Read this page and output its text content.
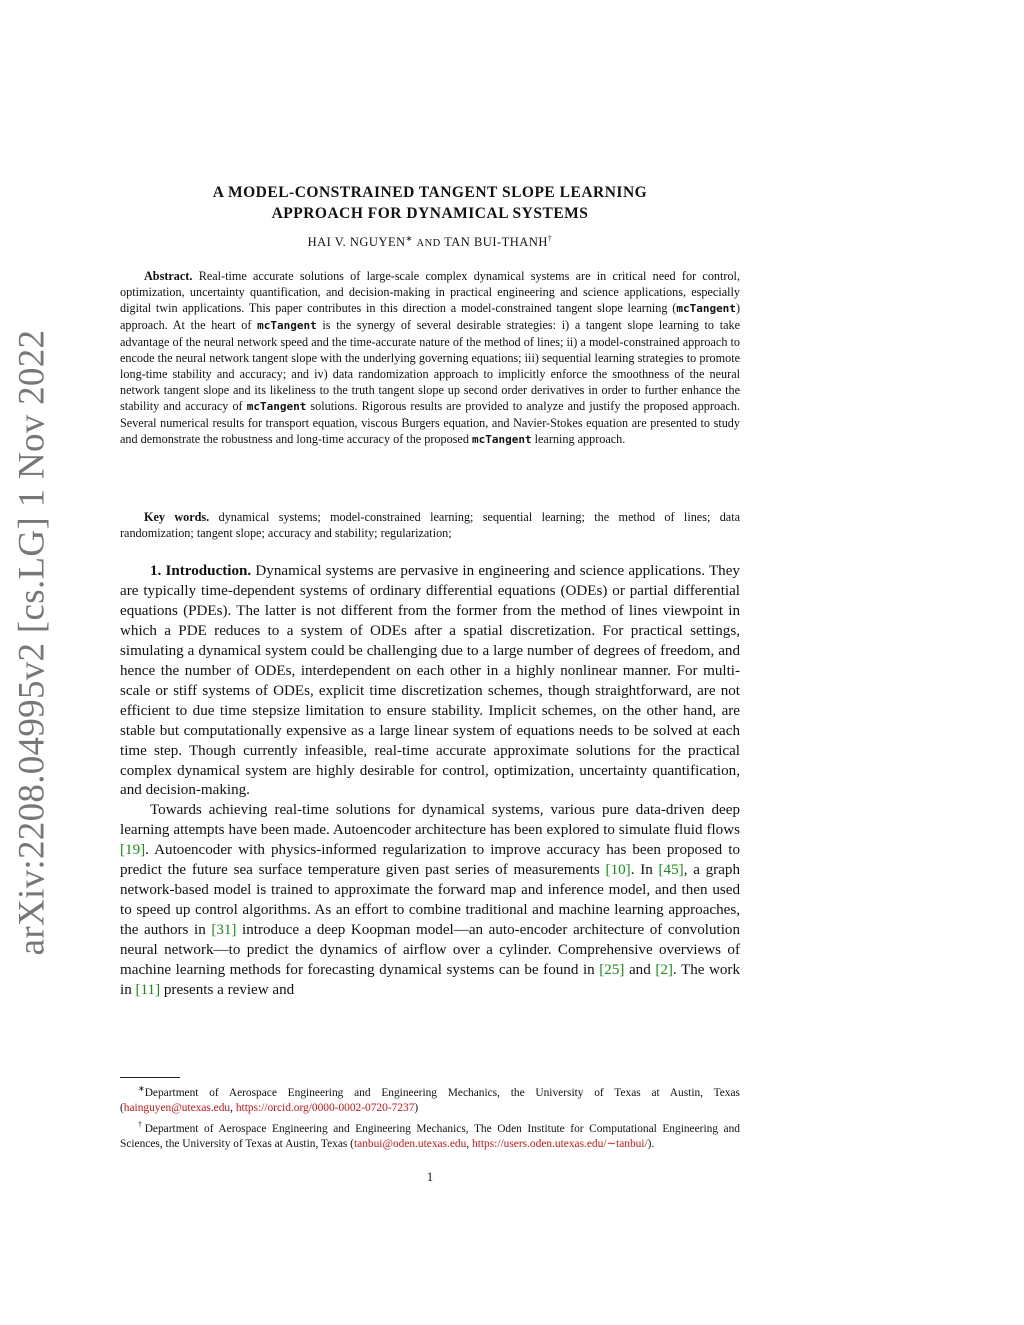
arXiv:2208.04995v2 [cs.LG] 1 Nov 2022
A MODEL-CONSTRAINED TANGENT SLOPE LEARNING
APPROACH FOR DYNAMICAL SYSTEMS
HAI V. NGUYEN∗ AND TAN BUI-THANH†

Abstract. Real-time accurate solutions of large-scale complex dynamical systems are in critical need for control, optimization, uncertainty quantification, and decision-making in practical engineering and science applications, especially digital twin applications. This paper contributes in this direction a model-constrained tangent slope learning (mcTangent) approach. At the heart of mcTangent is the synergy of several desirable strategies: i) a tangent slope learning to take advantage of the neural network speed and the time-accurate nature of the method of lines; ii) a model-constrained approach to encode the neural network tangent slope with the underlying governing equations; iii) sequential learning strategies to promote long-time stability and accuracy; and iv) data randomization approach to implicitly enforce the smoothness of the neural network tangent slope and its likeliness to the truth tangent slope up second order derivatives in order to further enhance the stability and accuracy of mcTangent solutions. Rigorous results are provided to analyze and justify the proposed approach. Several numerical results for transport equation, viscous Burgers equation, and Navier-Stokes equation are presented to study and demonstrate the robustness and long-time accuracy of the proposed mcTangent learning approach.

Key words. dynamical systems; model-constrained learning; sequential learning; the method of lines; data randomization; tangent slope; accuracy and stability; regularization;

1. Introduction. Dynamical systems are pervasive in engineering and science applications. They are typically time-dependent systems of ordinary differential equations (ODEs) or partial differential equations (PDEs). The latter is not different from the former from the method of lines viewpoint in which a PDE reduces to a system of ODEs after a spatial discretization. For practical settings, simulating a dynamical system could be challenging due to a large number of degrees of freedom, and hence the number of ODEs, interdependent on each other in a highly nonlinear manner. For multi-scale or stiff systems of ODEs, explicit time discretization schemes, though straightforward, are not efficient to due time stepsize limitation to ensure stability. Implicit schemes, on the other hand, are stable but computationally expensive as a large linear system of equations needs to be solved at each time step. Though currently infeasible, real-time accurate approximate solutions for the practical complex dynamical system are highly desirable for control, optimization, uncertainty quantification, and decision-making.

Towards achieving real-time solutions for dynamical systems, various pure data-driven deep learning attempts have been made. Autoencoder architecture has been explored to simulate fluid flows [19]. Autoencoder with physics-informed regularization to improve accuracy has been proposed to predict the future sea surface temperature given past series of measurements [10]. In [45], a graph network-based model is trained to approximate the forward map and inference model, and then used to speed up control algorithms. As an effort to combine traditional and machine learning approaches, the authors in [31] introduce a deep Koopman model—an auto-encoder architecture of convolution neural network—to predict the dynamics of airflow over a cylinder. Comprehensive overviews of machine learning methods for forecasting dynamical systems can be found in [25] and [2]. The work in [11] presents a review and

∗Department of Aerospace Engineering and Engineering Mechanics, the University of Texas at Austin, Texas (hainguyen@utexas.edu, https://orcid.org/0000-0002-0720-7237)

†Department of Aerospace Engineering and Engineering Mechanics, The Oden Institute for Computational Engineering and Sciences, the University of Texas at Austin, Texas (tanbui@oden.utexas.edu, https://users.oden.utexas.edu/∼tanbui/).

1
